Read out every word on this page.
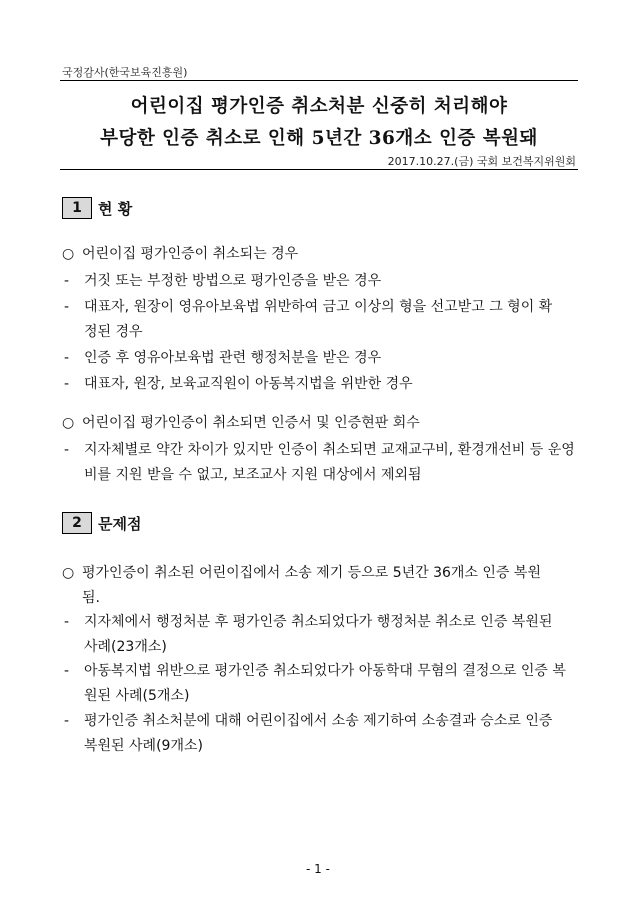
국정감사(한국보육진흥원)
어린이집 평가인증 취소처분 신중히 처리해야
부당한 인증 취소로 인해 5년간 36개소 인증 복원돼
2017.10.27.(금) 국회 보건복지위원회
1	현 황
○ 어린이집 평가인증이 취소되는 경우
- 거짓 또는 부정한 방법으로 평가인증을 받은 경우
- 대표자, 원장이 영유아보육법 위반하여 금고 이상의 형을 선고받고 그 형이 확
정된 경우
- 인증 후 영유아보육법 관련 행정처분을 받은 경우
- 대표자, 원장, 보육교직원이 아동복지법을 위반한 경우
○ 어린이집 평가인증이 취소되면 인증서 및 인증현판 회수
- 지자체별로 약간 차이가 있지만 인증이 취소되면 교재교구비, 환경개선비 등 운영
비를 지원 받을 수 없고, 보조교사 지원 대상에서 제외됨
2	문제점
○ 평가인증이 취소된 어린이집에서 소송 제기 등으로 5년간 36개소 인증 복원
됨.
- 지자체에서 행정처분 후 평가인증 취소되었다가 행정처분 취소로 인증 복원된
사례(23개소)
- 아동복지법 위반으로 평가인증 취소되었다가 아동학대 무혐의 결정으로 인증 복
원된 사례(5개소)
- 평가인증 취소처분에 대해 어린이집에서 소송 제기하여 소송결과 승소로 인증
복원된 사례(9개소)
- 1 -
